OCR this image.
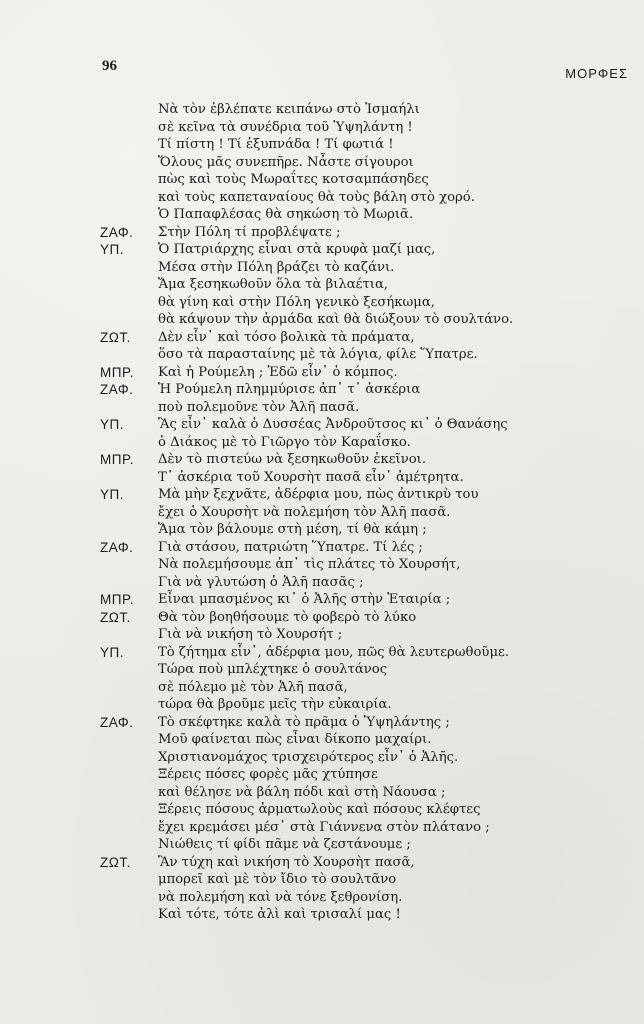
96	ΜΟΡΦΕΣ
Νὰ τὸν ἐβλέπατε κειπάνω στὸ Ἰσμαήλι
σὲ κεῖνα τὰ συνέδρια τοῦ Ὑψηλάντη !
Τί πίστη ! Τί ἐξυπνάδα ! Τί φωτιά !
Ὅλους μᾶς συνεπῆρε. Νἆστε σίγουροι
πὼς καὶ τοὺς Μωραΐτες κοτσαμπάσηδες
καὶ τοὺς καπεταναίους θὰ τοὺς βάλη στὸ χορό.
Ὁ Παπαφλέσας θὰ σηκώση τὸ Μωριᾶ.
ΖΑΦ.	Στὴν Πόλη τί προβλέψατε ;
ΥΠ.	Ὁ Πατριάρχης εἶναι στὰ κρυφὰ μαζί μας,
Μέσα στὴν Πόλη βράζει τὸ καζάνι.
Ἅμα ξεσηκωθοῦν ὅλα τὰ βιλαέτια,
θὰ γίνη καὶ στὴν Πόλη γενικὸ ξεσήκωμα,
θὰ κάψουν τὴν ἀρμάδα καὶ θὰ διώξουν τὸ σουλτάνο.
ΖΩΤ.	Δὲν εἶν᾽ καὶ τόσο βολικὰ τὰ πράματα,
ὅσο τὰ παρασταίνης μὲ τὰ λόγια, φίλε Ὕπατρε.
ΜΠΡ.	Καὶ ἡ Ρούμελη ; Ἐδῶ εἶν᾽ ὁ κόμπος.
ΖΑΦ.	Ἡ Ρούμελη πλημμύρισε ἀπ᾽ τ᾽ ἀσκέρια
ποὺ πολεμοῦνε τὸν Ἀλῆ πασᾶ.
ΥΠ.	Ἂς εἶν᾽ καλὰ ὁ Δυσσέας Ἀνδροῦτσος κι᾽ ὁ Θανάσης
ὁ Διάκος μὲ τὸ Γιῶργο τὸν Καραΐσκο.
ΜΠΡ.	Δὲν τὸ πιστεύω νὰ ξεσηκωθοῦν ἐκεῖνοι.
Τ᾽ ἀσκέρια τοῦ Χουρσὴτ πασᾶ εἶν᾽ ἀμέτρητα.
ΥΠ.	Μὰ μὴν ξεχνᾶτε, ἀδέρφια μου, πὼς ἀντικρὺ του
ἔχει ὁ Χουρσὴτ νὰ πολεμήση τὸν Ἀλῆ πασᾶ.
Ἅμα τὸν βάλουμε στὴ μέση, τί θὰ κάμη ;
ΖΑΦ.	Γιὰ στάσου, πατριώτη Ὕπατρε. Τί λές ;
Νὰ πολεμήσουμε ἀπ᾽ τὶς πλάτες τὸ Χουρσήτ,
Γιὰ νὰ γλυτώση ὁ Ἀλῆ πασᾶς ;
ΜΠΡ.	Εἶναι μπασμένος κι᾽ ὁ Ἀλῆς στὴν Ἑταιρία ;
ΖΩΤ.	Θὰ τὸν βοηθήσουμε τὸ φοβερὸ τὸ λύκο
Γιὰ νὰ νικήση τὸ Χουρσήτ ;
ΥΠ.	Τὸ ζήτημα εἶν᾽, ἀδέρφια μου, πῶς θὰ λευτερωθοῦμε.
Τώρα ποὺ μπλέχτηκε ὁ σουλτάνος
σὲ πόλεμο μὲ τὸν Ἀλῆ πασᾶ,
τώρα θὰ βροῦμε μεῖς τὴν εὐκαιρία.
ΖΑΦ.	Τὸ σκέφτηκε καλὰ τὸ πρᾶμα ὁ Ὑψηλάντης ;
Μοῦ φαίνεται πὼς εἶναι δίκοπο μαχαίρι.
Χριστιανομάχος τρισχειρότερος εἶν᾽ ὁ Ἀλῆς.
Ξέρεις πόσες φορὲς μᾶς χτύπησε
καὶ θέλησε νὰ βάλη πόδι καὶ στὴ Νάουσα ;
Ξέρεις πόσους ἀρματωλοὺς καὶ πόσους κλέφτες
ἔχει κρεμάσει μέσ᾽ στὰ Γιάννενα στὸν πλάτανο ;
Νιώθεις τί φίδι πᾶμε νὰ ζεστάνουμε ;
ΖΩΤ.	Ἂν τύχη καὶ νικήση τὸ Χουρσὴτ πασᾶ,
μπορεῖ καὶ μὲ τὸν ἴδιο τὸ σουλτᾶνο
νὰ πολεμήση καὶ νὰ τόνε ξεθρονίση.
Καὶ τότε, τότε ἀλὶ καὶ τρισαλί μας !
